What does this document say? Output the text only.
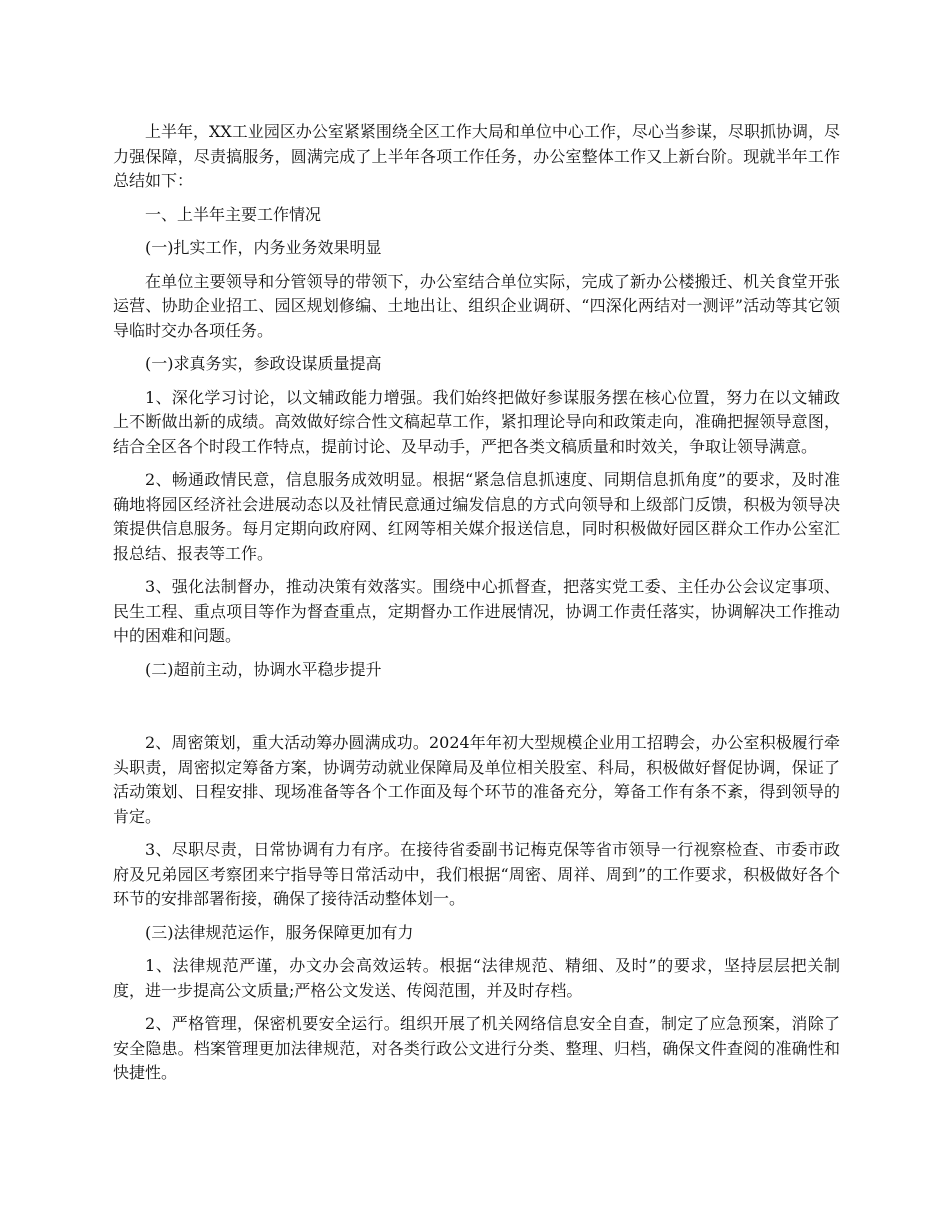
上半年，XX工业园区办公室紧紧围绕全区工作大局和单位中心工作，尽心当参谋，尽职抓协调，尽力强保障，尽责搞服务，圆满完成了上半年各项工作任务，办公室整体工作又上新台阶。现就半年工作总结如下：

一、上半年主要工作情况

(一)扎实工作，内务业务效果明显

在单位主要领导和分管领导的带领下，办公室结合单位实际，完成了新办公楼搬迁、机关食堂开张运营、协助企业招工、园区规划修编、土地出让、组织企业调研、“四深化两结对一测评”活动等其它领导临时交办各项任务。

(一)求真务实，参政设谋质量提高

1、深化学习讨论，以文辅政能力增强。我们始终把做好参谋服务摆在核心位置，努力在以文辅政上不断做出新的成绩。高效做好综合性文稿起草工作，紧扣理论导向和政策走向，准确把握领导意图，结合全区各个时段工作特点，提前讨论、及早动手，严把各类文稿质量和时效关，争取让领导满意。

2、畅通政情民意，信息服务成效明显。根据“紧急信息抓速度、同期信息抓角度”的要求，及时准确地将园区经济社会进展动态以及社情民意通过编发信息的方式向领导和上级部门反馈，积极为领导决策提供信息服务。每月定期向政府网、红网等相关媒介报送信息，同时积极做好园区群众工作办公室汇报总结、报表等工作。

3、强化法制督办，推动决策有效落实。围绕中心抓督查，把落实党工委、主任办公会议定事项、民生工程、重点项目等作为督查重点，定期督办工作进展情况，协调工作责任落实，协调解决工作推动中的困难和问题。

(二)超前主动，协调水平稳步提升

2、周密策划，重大活动筹办圆满成功。2024年年初大型规模企业用工招聘会，办公室积极履行牵头职责，周密拟定筹备方案，协调劳动就业保障局及单位相关股室、科局，积极做好督促协调，保证了活动策划、日程安排、现场准备等各个工作面及每个环节的准备充分，筹备工作有条不紊，得到领导的肯定。

3、尽职尽责，日常协调有力有序。在接待省委副书记梅克保等省市领导一行视察检查、市委市政府及兄弟园区考察团来宁指导等日常活动中，我们根据“周密、周祥、周到”的工作要求，积极做好各个环节的安排部署衔接，确保了接待活动整体划一。

(三)法律规范运作，服务保障更加有力

1、法律规范严谨，办文办会高效运转。根据“法律规范、精细、及时”的要求，坚持层层把关制度，进一步提高公文质量;严格公文发送、传阅范围，并及时存档。

2、严格管理，保密机要安全运行。组织开展了机关网络信息安全自查，制定了应急预案，消除了安全隐患。档案管理更加法律规范，对各类行政公文进行分类、整理、归档，确保文件查阅的准确性和快捷性。
